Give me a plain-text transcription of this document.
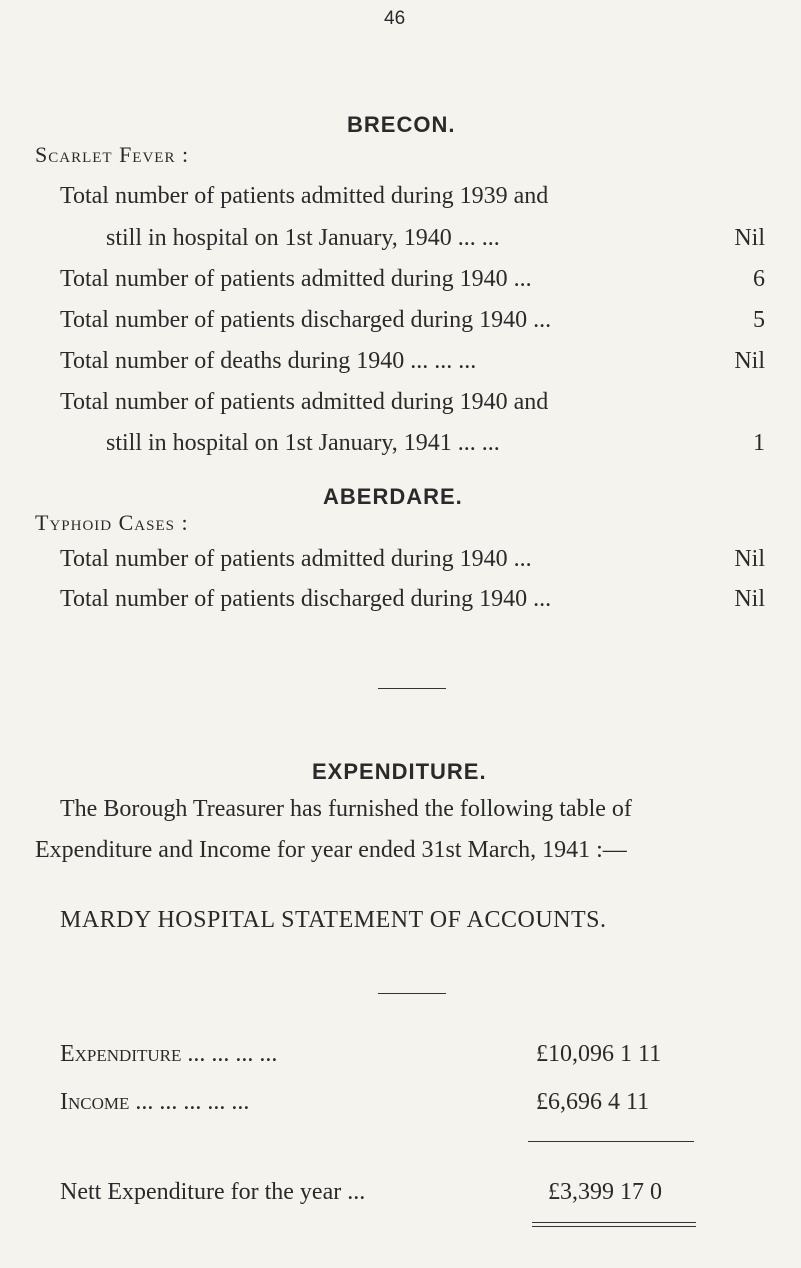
46
BRECON.
Scarlet Fever :
Total number of patients admitted during 1939 and
still in hospital on 1st January, 1940 ... ...	Nil
Total number of patients admitted during 1940 ...	6
Total number of patients discharged during 1940 ...	5
Total number of deaths during 1940 ... ... ...	Nil
Total number of patients admitted during 1940 and
still in hospital on 1st January, 1941 ... ...	1
ABERDARE.
Typhoid Cases :
Total number of patients admitted during 1940 ...	Nil
Total number of patients discharged during 1940 ...	Nil
EXPENDITURE.
The Borough Treasurer has furnished the following table of
Expenditure and Income for year ended 31st March, 1941 :—
MARDY HOSPITAL STATEMENT OF ACCOUNTS.
Expenditure ... ... ... ...	£10,096 1 11
Income ... ... ... ... ...	£6,696 4 11
Nett Expenditure for the year ...	£3,399 17 0
